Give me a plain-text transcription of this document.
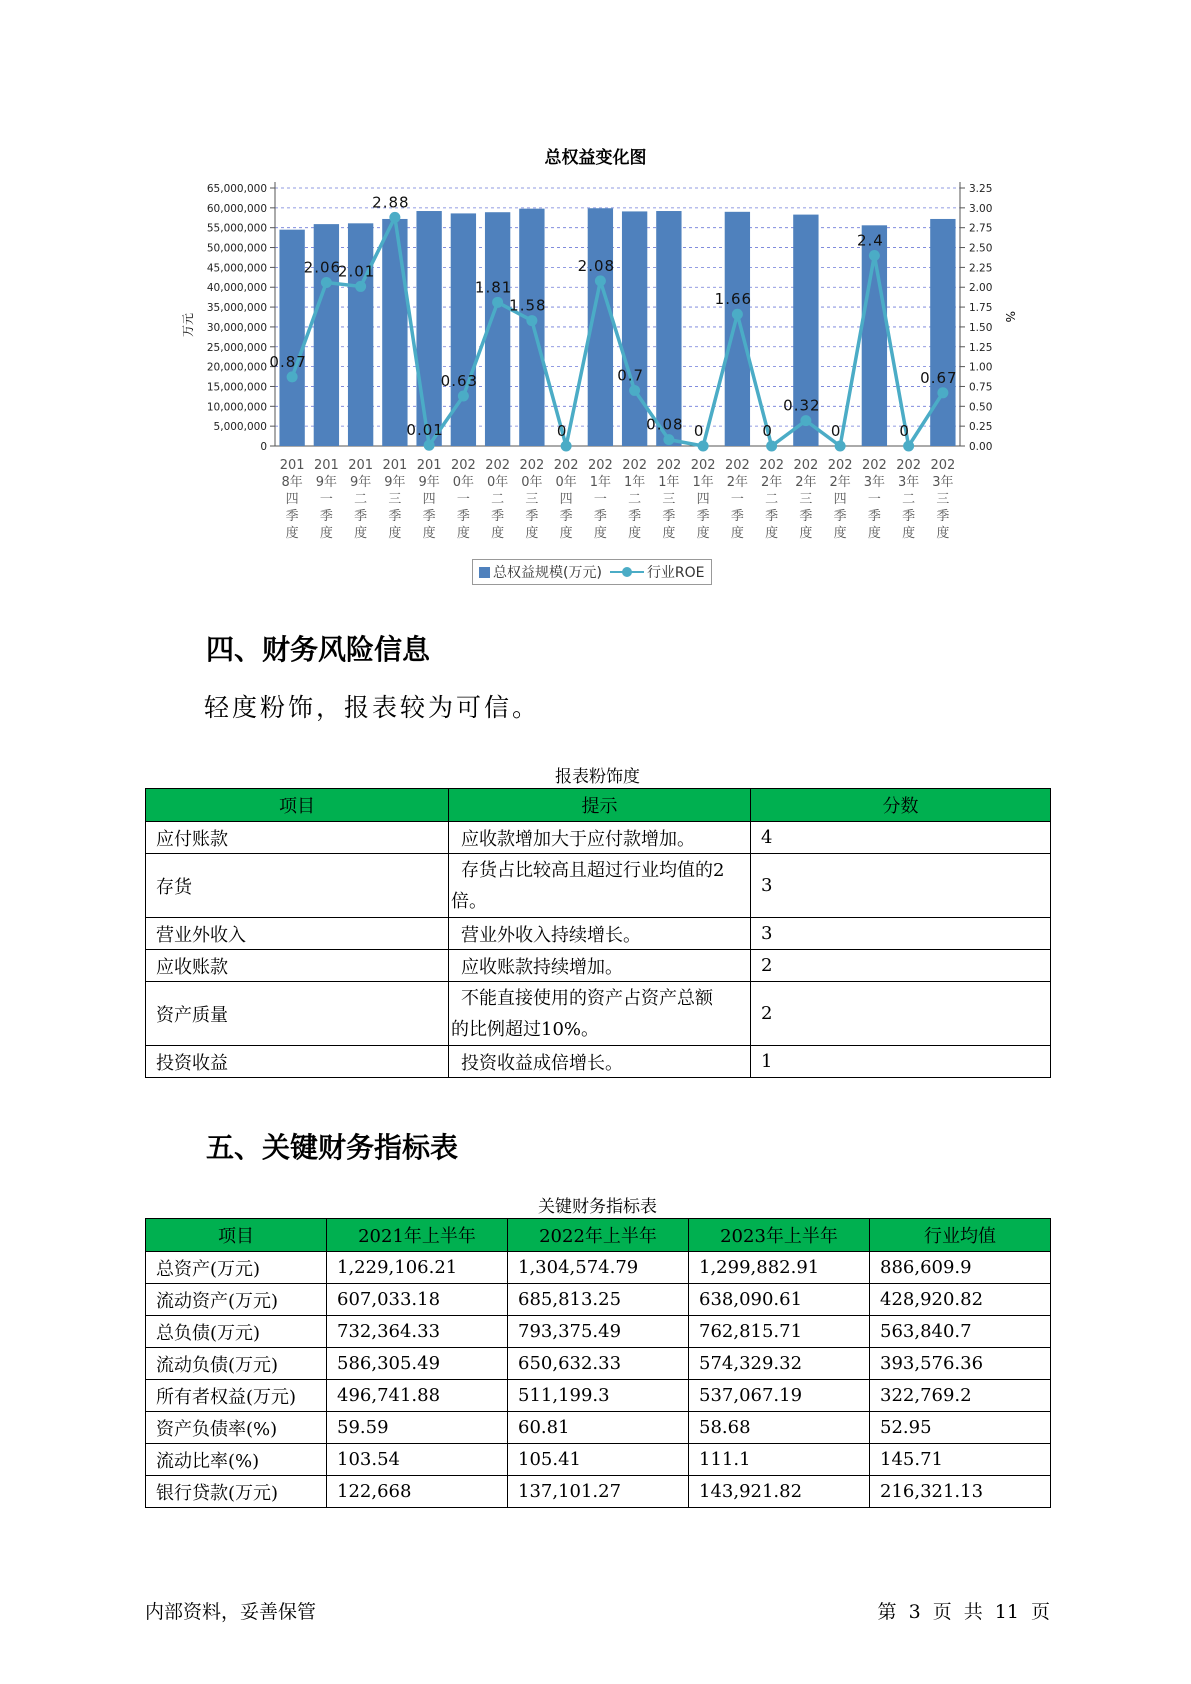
总权益变化图
0
5,000,000
10,000,000
15,000,000
20,000,000
25,000,000
30,000,000
35,000,000
40,000,000
45,000,000
50,000,000
55,000,000
60,000,000
65,000,000
0.00
0.25
0.50
0.75
1.00
1.25
1.50
1.75
2.00
2.25
2.50
2.75
3.00
3.25
万元	%
201 8年四季度
201 9年一季度
201 9年二季度
201 9年三季度
201 9年四季度
202 0年一季度
202 0年二季度
202 0年三季度
202 0年四季度
202 1年一季度
202 1年二季度
202 1年三季度
202 1年四季度
202 2年一季度
202 2年二季度
202 2年三季度
202 2年四季度
202 3年一季度
202 3年二季度
202 3年三季度
0.87
2.06
2.01
2.88
0.01
0.63
1.81
1.58
0
2.08
0.7
0.08 0
1.66
0
0.32
0
2.4
0
0.67
总权益规模(万元)	行业ROE
四、财务风险信息

轻度粉饰，报表较为可信。

报表粉饰度
项目	提示	分数
应付账款	应收款增加大于应付款增加。	4
存货	存货占比较高且超过行业均值的2
倍。	3
营业外收入	营业外收入持续增长。	3
应收账款	应收账款持续增加。	2
资产质量	不能直接使用的资产占资产总额
的比例超过10%。	2
投资收益	投资收益成倍增长。	1
五、关键财务指标表
关键财务指标表
项目	2021年上半年	2022年上半年	2023年上半年	行业均值
总资产(万元)	1,229,106.21	1,304,574.79	1,299,882.91	886,609.9
流动资产(万元)	607,033.18	685,813.25	638,090.61	428,920.82
总负债(万元)	732,364.33	793,375.49	762,815.71	563,840.7
流动负债(万元)	586,305.49	650,632.33	574,329.32	393,576.36
所有者权益(万元)	496,741.88	511,199.3	537,067.19	322,769.2
资产负债率(%)	59.59	60.81	58.68	52.95
流动比率(%)	103.54	105.41	111.1	145.71
银行贷款(万元)	122,668	137,101.27	143,921.82	216,321.13
内部资料，妥善保管	第 3 页 共 11 页
